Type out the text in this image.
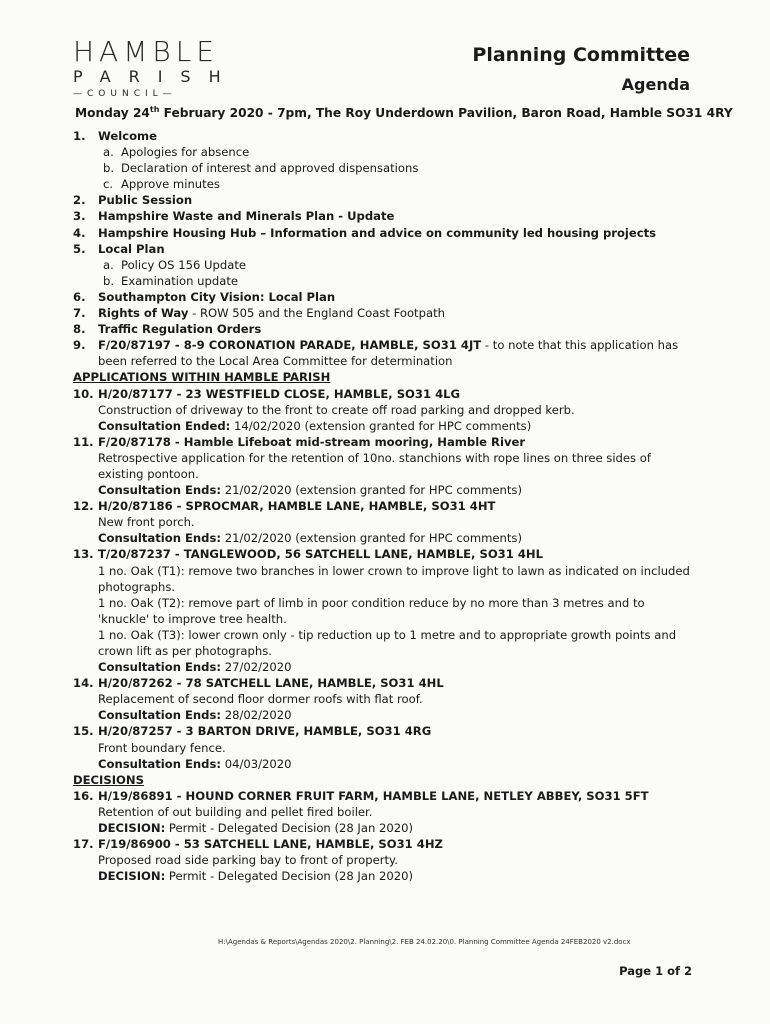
HAMBLE
PARISH
—COUNCIL—
Planning Committee
Agenda
Monday 24th February 2020 - 7pm, The Roy Underdown Pavilion, Baron Road, Hamble SO31 4RY
1. Welcome
a. Apologies for absence
b. Declaration of interest and approved dispensations
c. Approve minutes
2. Public Session
3. Hampshire Waste and Minerals Plan - Update
4. Hampshire Housing Hub – Information and advice on community led housing projects
5. Local Plan
a. Policy OS 156 Update
b. Examination update
6. Southampton City Vision: Local Plan
7. Rights of Way - ROW 505 and the England Coast Footpath
8. Traffic Regulation Orders
9. F/20/87197 - 8-9 CORONATION PARADE, HAMBLE, SO31 4JT - to note that this application has been referred to the Local Area Committee for determination
APPLICATIONS WITHIN HAMBLE PARISH
10. H/20/87177 - 23 WESTFIELD CLOSE, HAMBLE, SO31 4LG
Construction of driveway to the front to create off road parking and dropped kerb.
Consultation Ended: 14/02/2020 (extension granted for HPC comments)
11. F/20/87178 - Hamble Lifeboat mid-stream mooring, Hamble River
Retrospective application for the retention of 10no. stanchions with rope lines on three sides of existing pontoon.
Consultation Ends: 21/02/2020 (extension granted for HPC comments)
12. H/20/87186 - SPROCMAR, HAMBLE LANE, HAMBLE, SO31 4HT
New front porch.
Consultation Ends: 21/02/2020 (extension granted for HPC comments)
13. T/20/87237 - TANGLEWOOD, 56 SATCHELL LANE, HAMBLE, SO31 4HL
1 no. Oak (T1): remove two branches in lower crown to improve light to lawn as indicated on included photographs.
1 no. Oak (T2): remove part of limb in poor condition reduce by no more than 3 metres and to 'knuckle' to improve tree health.
1 no. Oak (T3): lower crown only - tip reduction up to 1 metre and to appropriate growth points and crown lift as per photographs.
Consultation Ends: 27/02/2020
14. H/20/87262 - 78 SATCHELL LANE, HAMBLE, SO31 4HL
Replacement of second floor dormer roofs with flat roof.
Consultation Ends: 28/02/2020
15. H/20/87257 - 3 BARTON DRIVE, HAMBLE, SO31 4RG
Front boundary fence.
Consultation Ends: 04/03/2020
DECISIONS
16. H/19/86891 - HOUND CORNER FRUIT FARM, HAMBLE LANE, NETLEY ABBEY, SO31 5FT
Retention of out building and pellet fired boiler.
DECISION: Permit - Delegated Decision (28 Jan 2020)
17. F/19/86900 - 53 SATCHELL LANE, HAMBLE, SO31 4HZ
Proposed road side parking bay to front of property.
DECISION: Permit - Delegated Decision (28 Jan 2020)
H:\Agendas & Reports\Agendas 2020\2. Planning\2. FEB 24.02.20\0. Planning Committee Agenda 24FEB2020 v2.docx
Page 1 of 2
